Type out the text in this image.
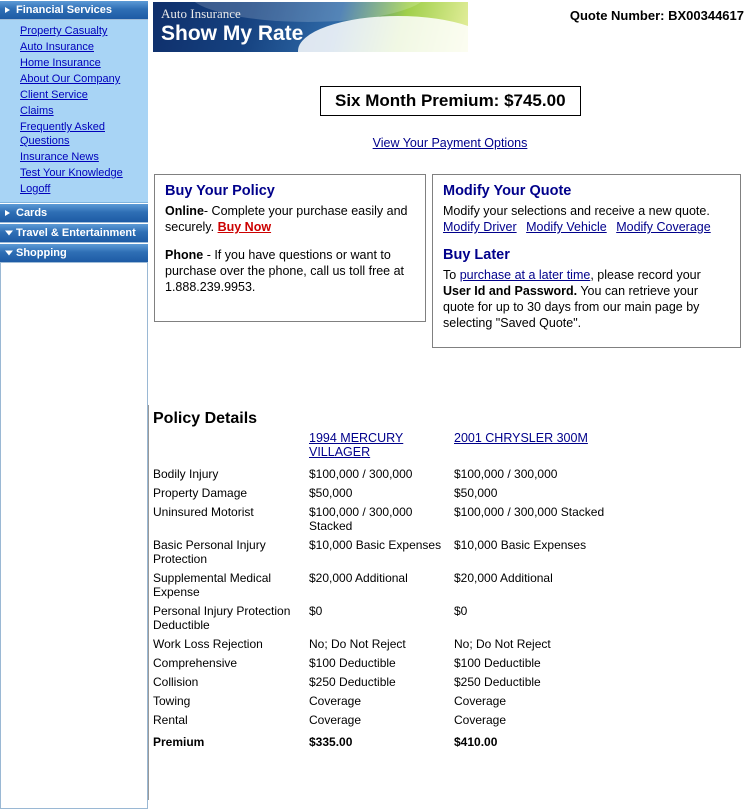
Financial Services
Property Casualty
Auto Insurance
Home Insurance
About Our Company
Client Service
Claims
Frequently Asked Questions
Insurance News
Test Your Knowledge
Logoff
Cards
Travel & Entertainment
Shopping
Auto Insurance
Show My Rate
Quote Number: BX00344617
Six Month Premium: $745.00
View Your Payment Options
Buy Your Policy

Online- Complete your purchase easily and securely. Buy Now

Phone - If you have questions or want to purchase over the phone, call us toll free at 1.888.239.9953.

Modify Your Quote

Modify your selections and receive a new quote.

Modify Driver Modify Vehicle Modify Coverage

Buy Later

To purchase at a later time, please record your User Id and Password. You can retrieve your quote for up to 30 days from our main page by selecting "Saved Quote".

Policy Details
	1994 MERCURY VILLAGER	2001 CHRYSLER 300M
Bodily Injury	$100,000 / 300,000	$100,000 / 300,000
Property Damage	$50,000	$50,000
Uninsured Motorist	$100,000 / 300,000 Stacked	$100,000 / 300,000 Stacked
Basic Personal Injury Protection	$10,000 Basic Expenses	$10,000 Basic Expenses
Supplemental Medical Expense	$20,000 Additional	$20,000 Additional
Personal Injury Protection Deductible	$0	$0
Work Loss Rejection	No; Do Not Reject	No; Do Not Reject
Comprehensive	$100 Deductible	$100 Deductible
Collision	$250 Deductible	$250 Deductible
Towing	Coverage	Coverage
Rental	Coverage	Coverage
Premium	$335.00	$410.00
